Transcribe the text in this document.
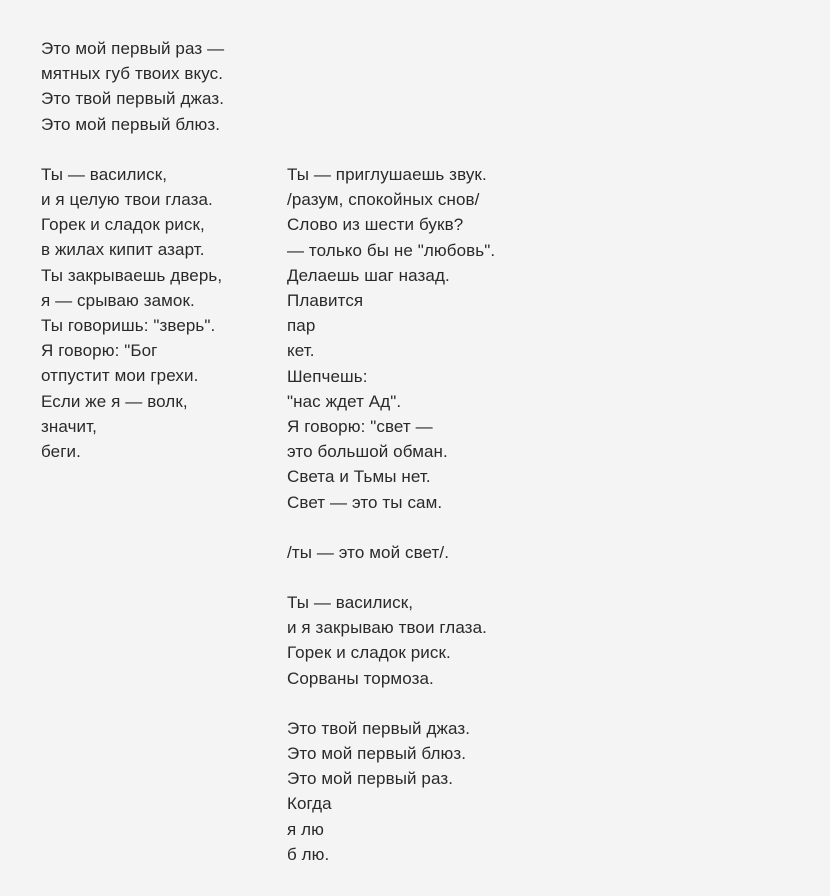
Это мой первый раз —
мятных губ твоих вкус.
Это твой первый джаз.
Это мой первый блюз.
Ты — василиск,
и я целую твои глаза.
Горек и сладок риск,
в жилах кипит азарт.
Ты закрываешь дверь,
я — срываю замок.
Ты говоришь: "зверь".
Я говорю: "Бог
отпустит мои грехи.
Если же я — волк,
значит,
беги.
Ты — приглушаешь звук.
/разум, спокойных снов/
Слово из шести букв?
— только бы не "любовь".
Делаешь шаг назад.
Плавится
пар
кет.
Шепчешь:
"нас ждет Ад".
Я говорю: "свет —
это большой обман.
Света и Тьмы нет.
Свет — это ты сам.
/ты — это мой свет/.
Ты — василиск,
и я закрываю твои глаза.
Горек и сладок риск.
Сорваны тормоза.
Это твой первый джаз.
Это мой первый блюз.
Это мой первый раз.
Когда
я лю
б лю.
